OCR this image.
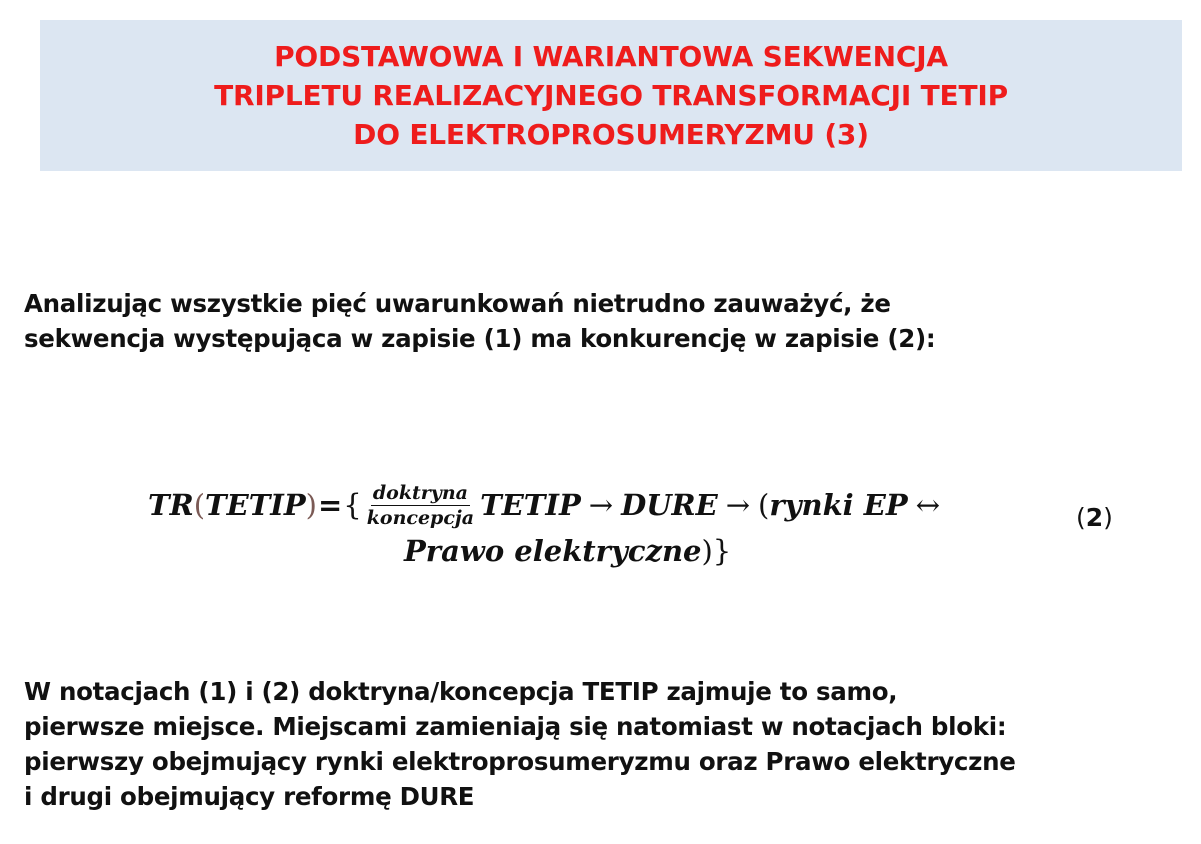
PODSTAWOWA I WARIANTOWA SEKWENCJA
TRIPLETU REALIZACYJNEGO TRANSFORMACJI TETIP
DO ELEKTROPROSUMERYZMU (3)
Analizując wszystkie pięć uwarunkowań nietrudno zauważyć, że
sekwencja występująca w zapisie (1) ma konkurencję w zapisie (2):
TR ( TETIP ) = { $\frac{\text{doktryna}}{\text{koncepcja}}$ TETIP → DURE → ( rynki EP ↔
Prawo elektryczne)}
(2)
W notacjach (1) i (2) doktryna/koncepcja TETIP zajmuje to samo,
pierwsze miejsce. Miejscami zamieniają się natomiast w notacjach bloki:
pierwszy obejmujący rynki elektroprosumeryzmu oraz Prawo elektryczne
i drugi obejmujący reformę DURE
